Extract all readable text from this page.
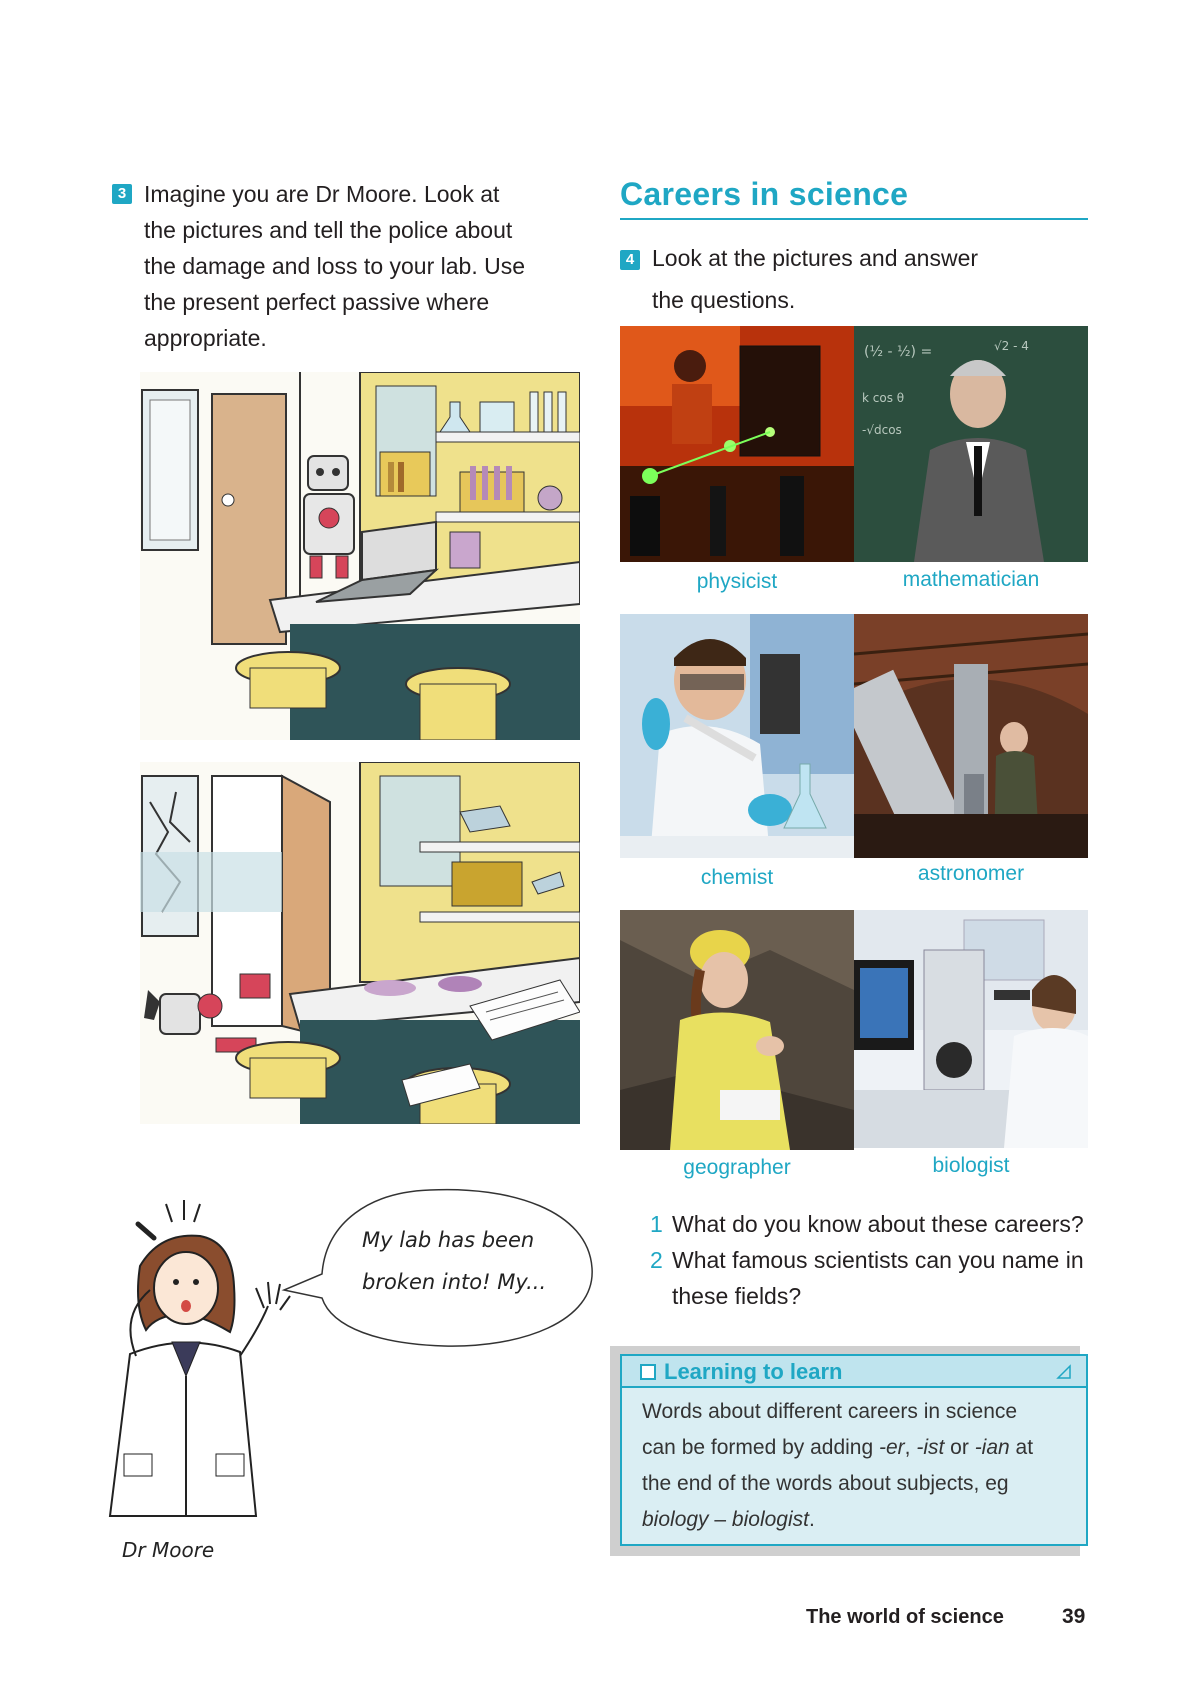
3 Imagine you are Dr Moore. Look at

the pictures and tell the police about

the damage and loss to your lab. Use

the present perfect passive where

appropriate.

Dr Moore
My lab has been
broken into! My...
Careers in science
4 Look at the pictures and answer
the questions.
(½ - ½) =	√2 - 4
k cos θ
-√dcos
physicist	mathematician
chemist	astronomer
geographer	biologist
1 What do you know about these careers?
2 What famous scientists can you name in
these fields?
Learning to learn
Words about different careers in science
can be formed by adding -er, -ist or -ian at
the end of the words about subjects, eg
biology – biologist.
The world of science	39
